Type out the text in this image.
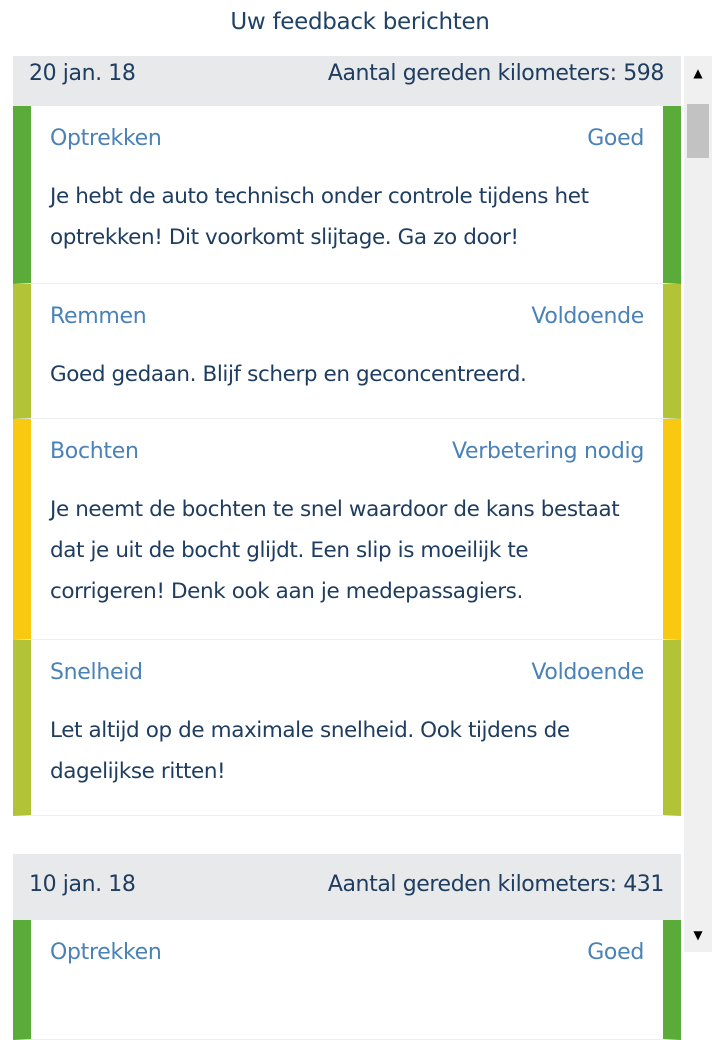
Uw feedback berichten
20 jan. 18	Aantal gereden kilometers: 598
Optrekken	Goed
Je hebt de auto technisch onder controle tijdens het optrekken! Dit voorkomt slijtage. Ga zo door!
Remmen	Voldoende
Goed gedaan. Blijf scherp en geconcentreerd.
Bochten	Verbetering nodig
Je neemt de bochten te snel waardoor de kans bestaat dat je uit de bocht glijdt. Een slip is moeilijk te corrigeren! Denk ook aan je medepassagiers.
Snelheid	Voldoende
Let altijd op de maximale snelheid. Ook tijdens de dagelijkse ritten!
10 jan. 18	Aantal gereden kilometers: 431
Optrekken	Goed
▲
▼
